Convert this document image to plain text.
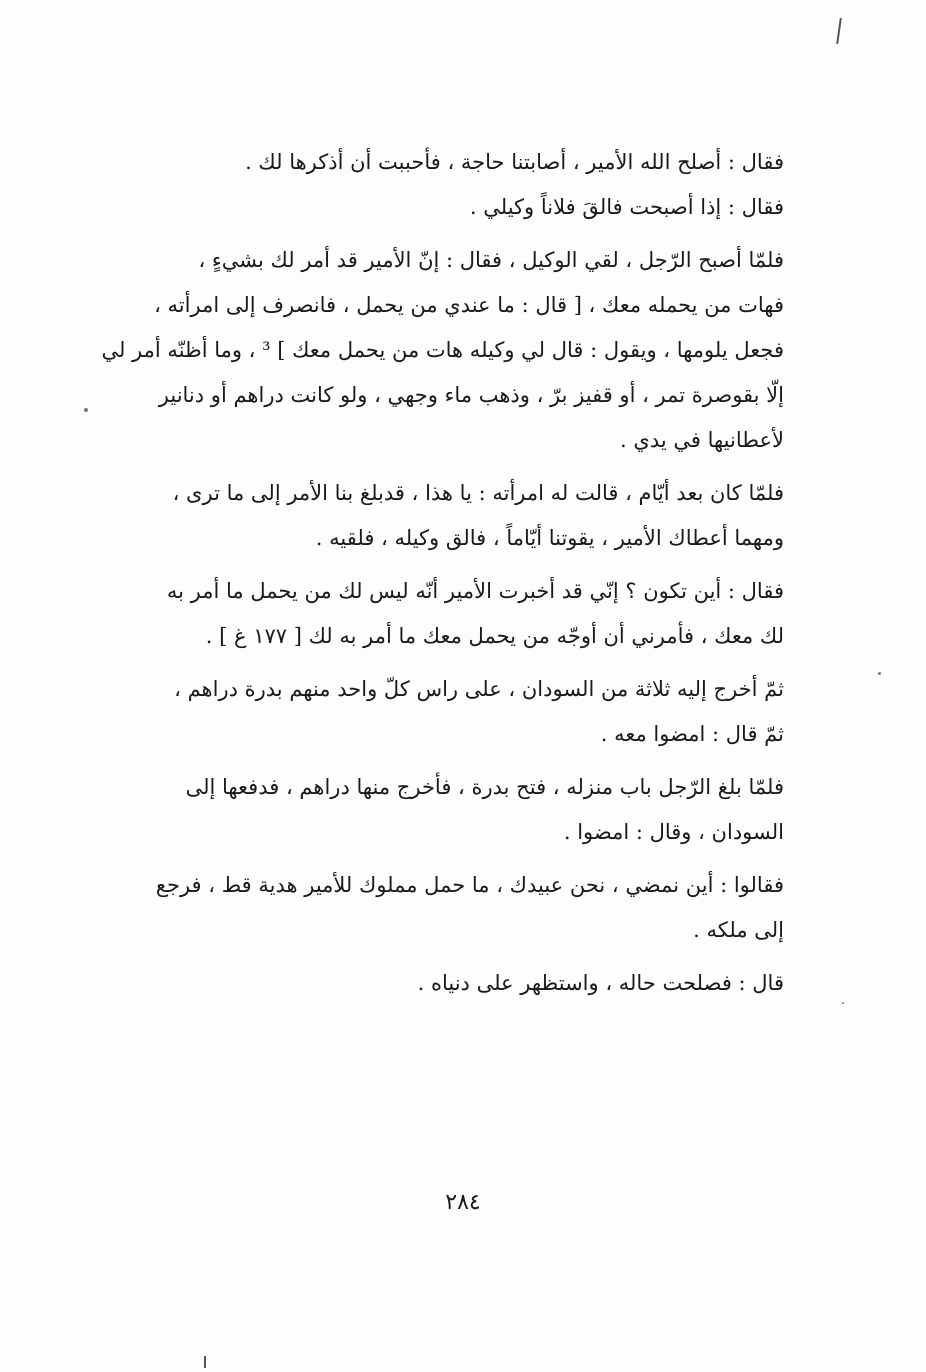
فقال : أصلح الله الأمير ، أصابتنا حاجة ، فأحببت أن أذكرها لك .
فقال : إذا أصبحت فالقَ فلاناً وكيلي .
فلمّا أصبح الرّجل ، لقي الوكيل ، فقال : إنّ الأمير قد أمر لك بشيءٍ ،
فهات من يحمله معك ، [ قال : ما عندي من يحمل ، فانصرف إلى امرأته ،
فجعل يلومها ، ويقول : قال لي وكيله هات من يحمل معك ] ³ ، وما أظنّه أمر لي
إلّا بقوصرة تمر ، أو قفيز برّ ، وذهب ماء وجهي ، ولو كانت دراهم أو دنانير
لأعطانيها في يدي .
فلمّا كان بعد أيّام ، قالت له امرأته : يا هذا ، قدبلغ بنا الأمر إلى ما ترى ،
ومهما أعطاك الأمير ، يقوتنا أيّاماً ، فالق وكيله ، فلقيه .
فقال : أين تكون ؟ إنّي قد أخبرت الأمير أنّه ليس لك من يحمل ما أمر به
لك معك ، فأمرني أن أوجّه من يحمل معك ما أمر به لك [ ١٧٧ غ ] .
ثمّ أخرج إليه ثلاثة من السودان ، على راس كلّ واحد منهم بدرة دراهم ،
ثمّ قال : امضوا معه .
فلمّا بلغ الرّجل باب منزله ، فتح بدرة ، فأخرج منها دراهم ، فدفعها إلى
السودان ، وقال : امضوا .
فقالوا : أين نمضي ، نحن عبيدك ، ما حمل مملوك للأمير هدية قط ، فرجع
إلى ملكه .
قال : فصلحت حاله ، واستظهر على دنياه .
٢٨٤
